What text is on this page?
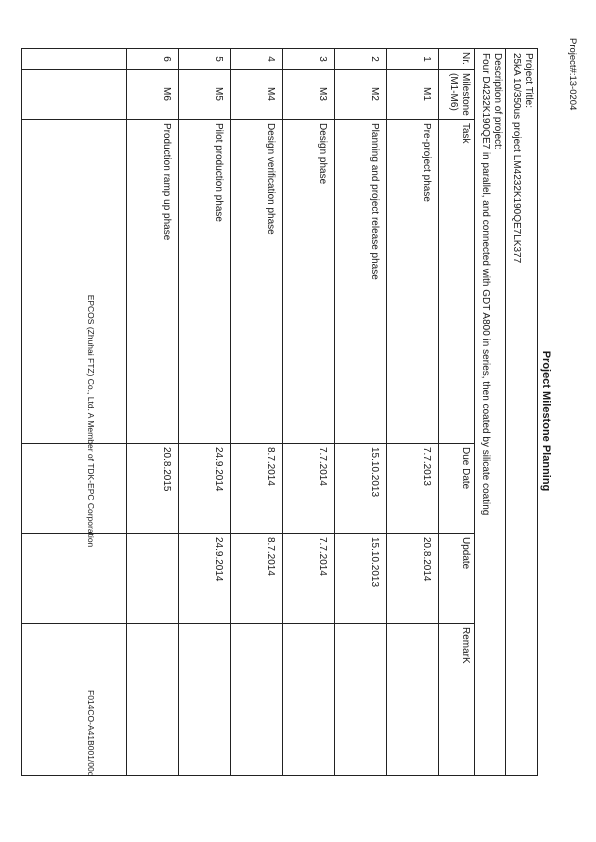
Project#:13-0204
Project Milestone Planning
Project Title:
25kA 10/350us project LM4232K190QE7LK377
Description of project:
Four D4232K190QE7 in parallel, and connected with GDT A800 in series, then coated by silicate coating
Nr.
Milestone
(M1-M6)
Task
Due Date
Update
RemarK
1
M1
Pre-project phase
7.7.2013
20.8.2014
2
M2
Planning and project release phase
15.10.2013
15.10.2013
3
M3
Design phase
7.7.2014
7.7.2014
4
M4
Design verification phase
8.7.2014
8.7.2014
5
M5
Pilot production phase
24.9.2014
24.9.2014
6
M6
Production ramp up phase
20.8.2015
EPCOS (Zhuhai FTZ) Co., Ltd. A Member of TDK-EPC Corporation
F014CO-A41B001/00d
